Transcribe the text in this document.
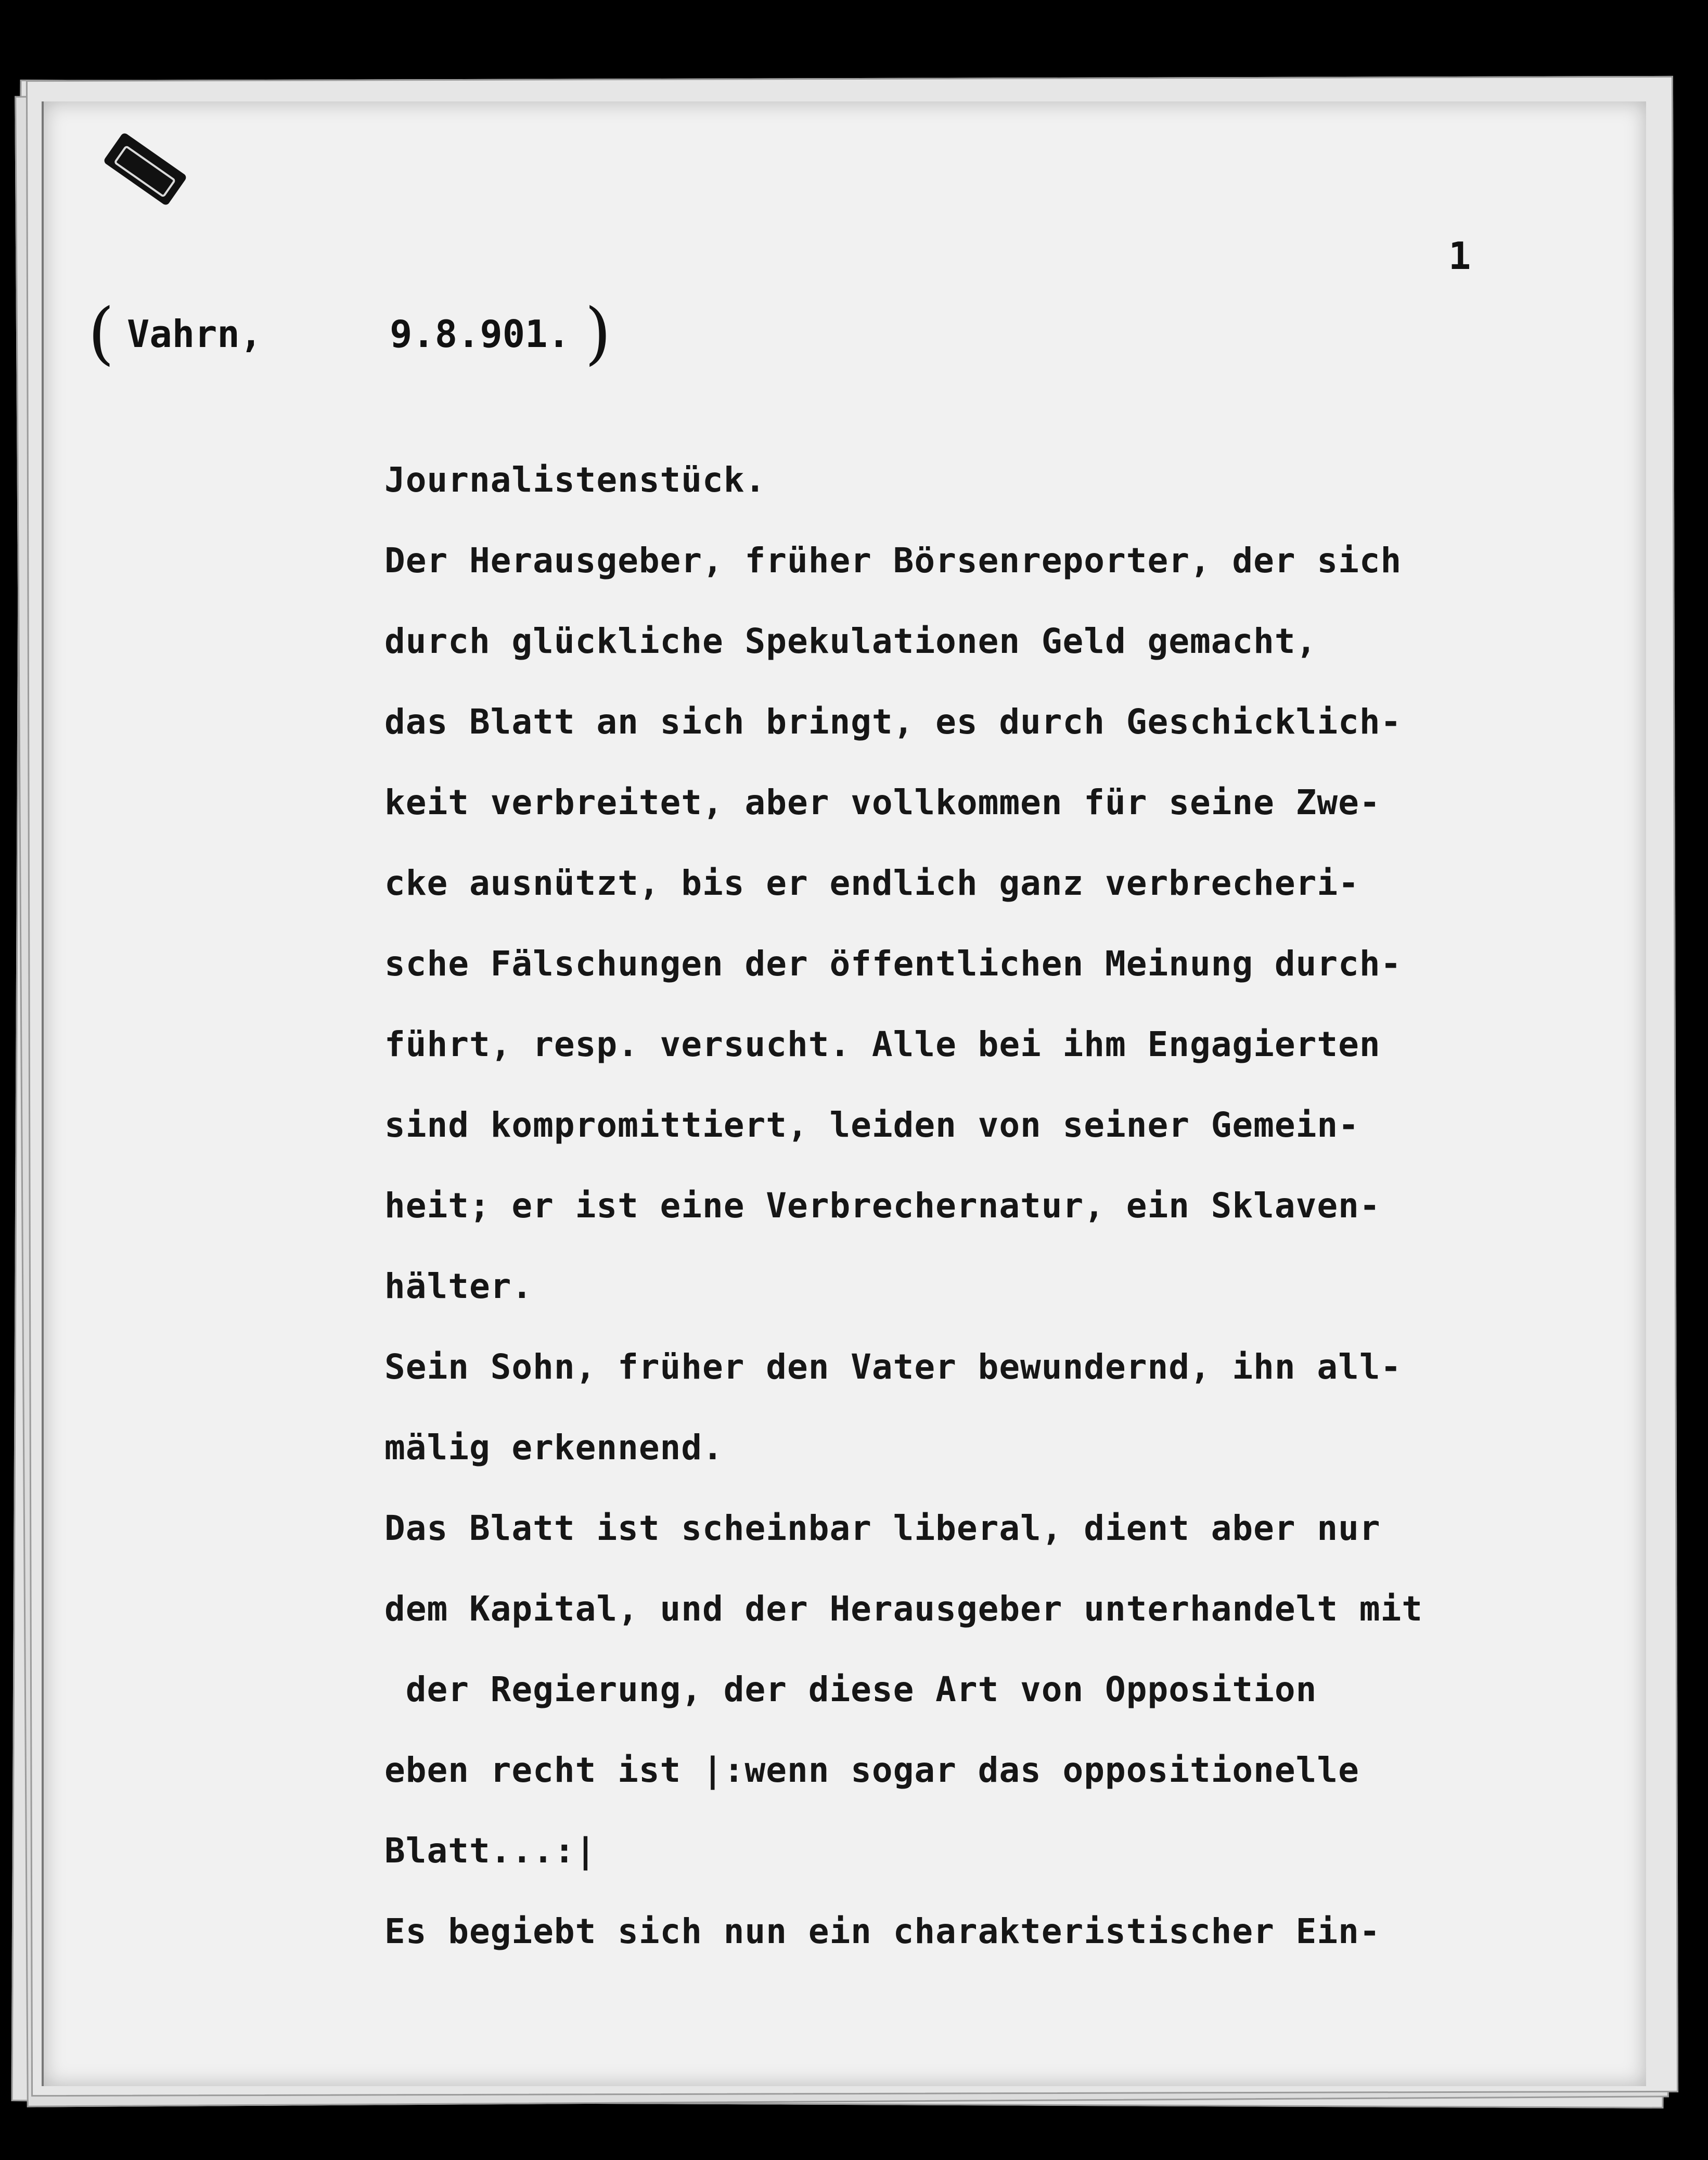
1
( Vahrn,	9.8.901. )
Journalistenstück.
Der Herausgeber, früher Börsenreporter, der sich
durch glückliche Spekulationen Geld gemacht,
das Blatt an sich bringt, es durch Geschicklich-
keit verbreitet, aber vollkommen für seine Zwe-
cke ausnützt, bis er endlich ganz verbrecheri-
sche Fälschungen der öffentlichen Meinung durch-
führt, resp. versucht. Alle bei ihm Engagierten
sind kompromittiert, leiden von seiner Gemein-
heit; er ist eine Verbrechernatur, ein Sklaven-
hälter.
Sein Sohn, früher den Vater bewundernd, ihn all-
mälig erkennend.
Das Blatt ist scheinbar liberal, dient aber nur
dem Kapital, und der Herausgeber unterhandelt mit
der Regierung, der diese Art von Opposition
eben recht ist |:wenn sogar das oppositionelle
Blatt...:|
Es begiebt sich nun ein charakteristischer Ein-
